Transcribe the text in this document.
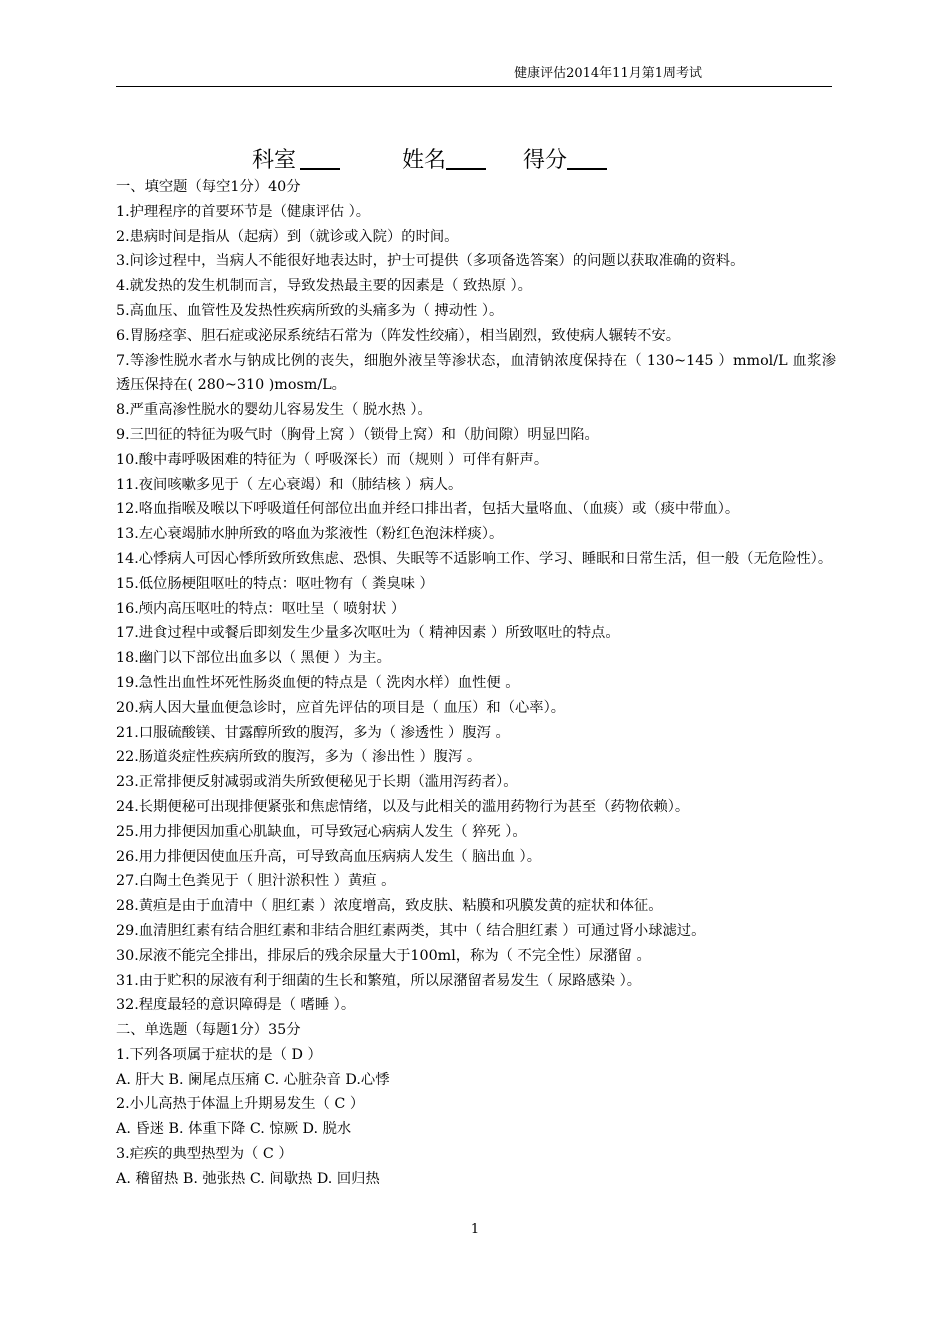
健康评估2014年11月第1周考试
科室	姓名	得分
一、填空题（每空1分）40分
1.护理程序的首要环节是（健康评估 ）。
2.患病时间是指从（起病）到（就诊或入院）的时间。
3.问诊过程中，当病人不能很好地表达时，护士可提供（多项备选答案）的问题以获取准确的资料。
4.就发热的发生机制而言，导致发热最主要的因素是（ 致热原 ）。
5.高血压、血管性及发热性疾病所致的头痛多为（ 搏动性 ）。
6.胃肠痉挛、胆石症或泌尿系统结石常为（阵发性绞痛），相当剧烈，致使病人辗转不安。
7.等渗性脱水者水与钠成比例的丧失，细胞外液呈等渗状态，血清钠浓度保持在（ 130~145 ）mmol/L 血浆渗透压保持在( 280~310 )mosm/L。
8.严重高渗性脱水的婴幼儿容易发生（ 脱水热 ）。
9.三凹征的特征为吸气时（胸骨上窝 ）（锁骨上窝）和（肋间隙）明显凹陷。
10.酸中毒呼吸困难的特征为（ 呼吸深长）而（规则 ）可伴有鼾声。
11.夜间咳嗽多见于（ 左心衰竭）和（肺结核 ）病人。
12.咯血指喉及喉以下呼吸道任何部位出血并经口排出者，包括大量咯血、（血痰）或（痰中带血）。
13.左心衰竭肺水肿所致的咯血为浆液性（粉红色泡沫样痰）。
14.心悸病人可因心悸所致所致焦虑、恐惧、失眠等不适影响工作、学习、睡眠和日常生活，但一般（无危险性）。
15.低位肠梗阻呕吐的特点：呕吐物有（ 粪臭味 ）
16.颅内高压呕吐的特点：呕吐呈（ 喷射状 ）
17.进食过程中或餐后即刻发生少量多次呕吐为（ 精神因素 ）所致呕吐的特点。
18.幽门以下部位出血多以（ 黑便 ）为主。
19.急性出血性坏死性肠炎血便的特点是（ 洗肉水样）血性便 。
20.病人因大量血便急诊时，应首先评估的项目是（ 血压）和（心率）。
21.口服硫酸镁、甘露醇所致的腹泻，多为（ 渗透性 ）腹泻 。
22.肠道炎症性疾病所致的腹泻，多为（ 渗出性 ）腹泻 。
23.正常排便反射减弱或消失所致便秘见于长期（滥用泻药者）。
24.长期便秘可出现排便紧张和焦虑情绪，以及与此相关的滥用药物行为甚至（药物依赖）。
25.用力排便因加重心肌缺血，可导致冠心病病人发生（ 猝死 ）。
26.用力排便因使血压升高，可导致高血压病病人发生（ 脑出血 ）。
27.白陶土色粪见于（ 胆汁淤积性 ）黄疸 。
28.黄疸是由于血清中（ 胆红素 ）浓度增高，致皮肤、粘膜和巩膜发黄的症状和体征。
29.血清胆红素有结合胆红素和非结合胆红素两类，其中（ 结合胆红素 ）可通过肾小球滤过。
30.尿液不能完全排出，排尿后的残余尿量大于100ml，称为（ 不完全性）尿潴留 。
31.由于贮积的尿液有利于细菌的生长和繁殖，所以尿潴留者易发生（ 尿路感染 ）。
32.程度最轻的意识障碍是（ 嗜睡 ）。
二、单选题（每题1分）35分
1.下列各项属于症状的是（ D ）
A. 肝大 B. 阑尾点压痛 C. 心脏杂音 D.心悸
2.小儿高热于体温上升期易发生（ C ）
A. 昏迷 B. 体重下降 C. 惊厥 D. 脱水
3.疟疾的典型热型为（ C ）
A. 稽留热 B. 弛张热 C. 间歇热 D. 回归热
1
